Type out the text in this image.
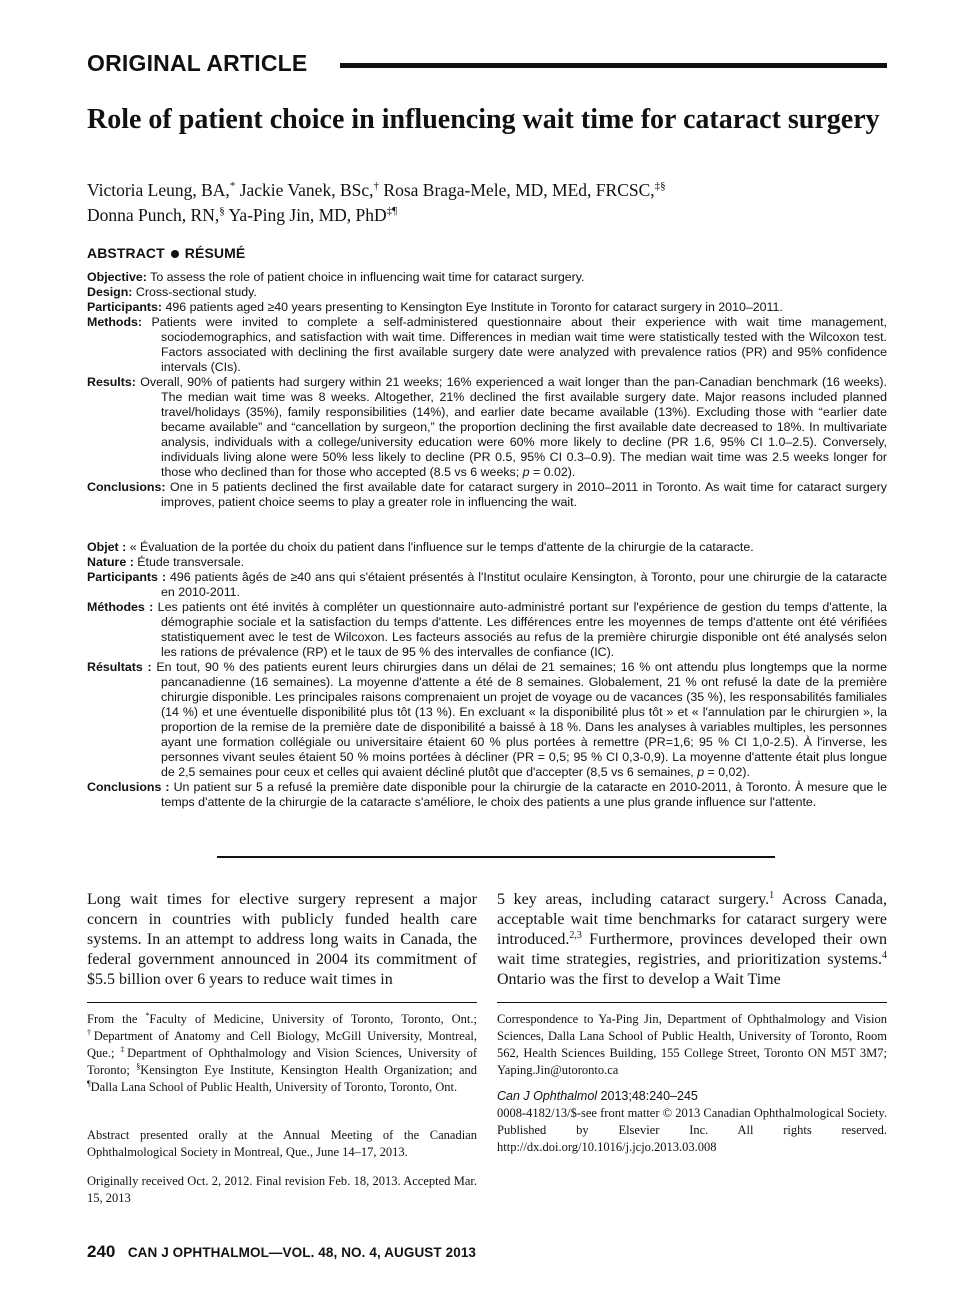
ORIGINAL ARTICLE
Role of patient choice in influencing wait time for cataract surgery
Victoria Leung, BA,* Jackie Vanek, BSc,† Rosa Braga-Mele, MD, MEd, FRCSC,‡§
Donna Punch, RN,§ Ya-Ping Jin, MD, PhD‡¶
ABSTRACT RÉSUMÉ

Objective: To assess the role of patient choice in influencing wait time for cataract surgery.

Design: Cross-sectional study.

Participants: 496 patients aged ≥40 years presenting to Kensington Eye Institute in Toronto for cataract surgery in 2010–2011.

Methods: Patients were invited to complete a self-administered questionnaire about their experience with wait time management, sociodemographics, and satisfaction with wait time. Differences in median wait time were statistically tested with the Wilcoxon test. Factors associated with declining the first available surgery date were analyzed with prevalence ratios (PR) and 95% confidence intervals (CIs).

Results: Overall, 90% of patients had surgery within 21 weeks; 16% experienced a wait longer than the pan-Canadian benchmark (16 weeks). The median wait time was 8 weeks. Altogether, 21% declined the first available surgery date. Major reasons included planned travel/holidays (35%), family responsibilities (14%), and earlier date became available (13%). Excluding those with “earlier date became available” and “cancellation by surgeon,” the proportion declining the first available date decreased to 18%. In multivariate analysis, individuals with a college/university education were 60% more likely to decline (PR 1.6, 95% CI 1.0–2.5). Conversely, individuals living alone were 50% less likely to decline (PR 0.5, 95% CI 0.3–0.9). The median wait time was 2.5 weeks longer for those who declined than for those who accepted (8.5 vs 6 weeks; p = 0.02).

Conclusions: One in 5 patients declined the first available date for cataract surgery in 2010–2011 in Toronto. As wait time for cataract surgery improves, patient choice seems to play a greater role in influencing the wait.

Objet : « Évaluation de la portée du choix du patient dans l'influence sur le temps d'attente de la chirurgie de la cataracte.

Nature : Étude transversale.

Participants : 496 patients âgés de ≥40 ans qui s'étaient présentés à l'Institut oculaire Kensington, à Toronto, pour une chirurgie de la cataracte en 2010-2011.

Méthodes : Les patients ont été invités à compléter un questionnaire auto-administré portant sur l'expérience de gestion du temps d'attente, la démographie sociale et la satisfaction du temps d'attente. Les différences entre les moyennes de temps d'attente ont été vérifiées statistiquement avec le test de Wilcoxon. Les facteurs associés au refus de la première chirurgie disponible ont été analysés selon les rations de prévalence (RP) et le taux de 95 % des intervalles de confiance (IC).

Résultats : En tout, 90 % des patients eurent leurs chirurgies dans un délai de 21 semaines; 16 % ont attendu plus longtemps que la norme pancanadienne (16 semaines). La moyenne d'attente a été de 8 semaines. Globalement, 21 % ont refusé la date de la première chirurgie disponible. Les principales raisons comprenaient un projet de voyage ou de vacances (35 %), les responsabilités familiales (14 %) et une éventuelle disponibilité plus tôt (13 %). En excluant « la disponibilité plus tôt » et « l'annulation par le chirurgien », la proportion de la remise de la première date de disponibilité a baissé à 18 %. Dans les analyses à variables multiples, les personnes ayant une formation collégiale ou universitaire étaient 60 % plus portées à remettre (PR=1,6; 95 % CI 1,0-2.5). À l'inverse, les personnes vivant seules étaient 50 % moins portées à décliner (PR = 0,5; 95 % CI 0,3-0,9). La moyenne d'attente était plus longue de 2,5 semaines pour ceux et celles qui avaient décliné plutôt que d'accepter (8,5 vs 6 semaines, p = 0,02).

Conclusions : Un patient sur 5 a refusé la première date disponible pour la chirurgie de la cataracte en 2010-2011, à Toronto. À mesure que le temps d'attente de la chirurgie de la cataracte s'améliore, le choix des patients a une plus grande influence sur l'attente.

Long wait times for elective surgery represent a major concern in countries with publicly funded health care systems. In an attempt to address long waits in Canada, the federal government announced in 2004 its commitment of $5.5 billion over 6 years to reduce wait times in

5 key areas, including cataract surgery.$^1$ Across Canada, acceptable wait time benchmarks for cataract surgery were introduced.$^{2,3}$ Furthermore, provinces developed their own wait time strategies, registries, and prioritization systems.$^4$ Ontario was the first to develop a Wait Time

From the *Faculty of Medicine, University of Toronto, Toronto, Ont.; †Department of Anatomy and Cell Biology, McGill University, Montreal, Que.; ‡Department of Ophthalmology and Vision Sciences, University of Toronto; §Kensington Eye Institute, Kensington Health Organization; and ¶Dalla Lana School of Public Health, University of Toronto, Toronto, Ont.

Abstract presented orally at the Annual Meeting of the Canadian Ophthalmological Society in Montreal, Que., June 14–17, 2013.

Originally received Oct. 2, 2012. Final revision Feb. 18, 2013. Accepted Mar. 15, 2013

Correspondence to Ya-Ping Jin, Department of Ophthalmology and Vision Sciences, Dalla Lana School of Public Health, University of Toronto, Room 562, Health Sciences Building, 155 College Street, Toronto ON M5T 3M7; Yaping.Jin@utoronto.ca

Can J Ophthalmol 2013;48:240–245

0008-4182/13/$-see front matter © 2013 Canadian Ophthalmological Society. Published by Elsevier Inc. All rights reserved. http://dx.doi.org/10.1016/j.jcjo.2013.03.008

240 CAN J OPHTHALMOL—VOL. 48, NO. 4, AUGUST 2013
